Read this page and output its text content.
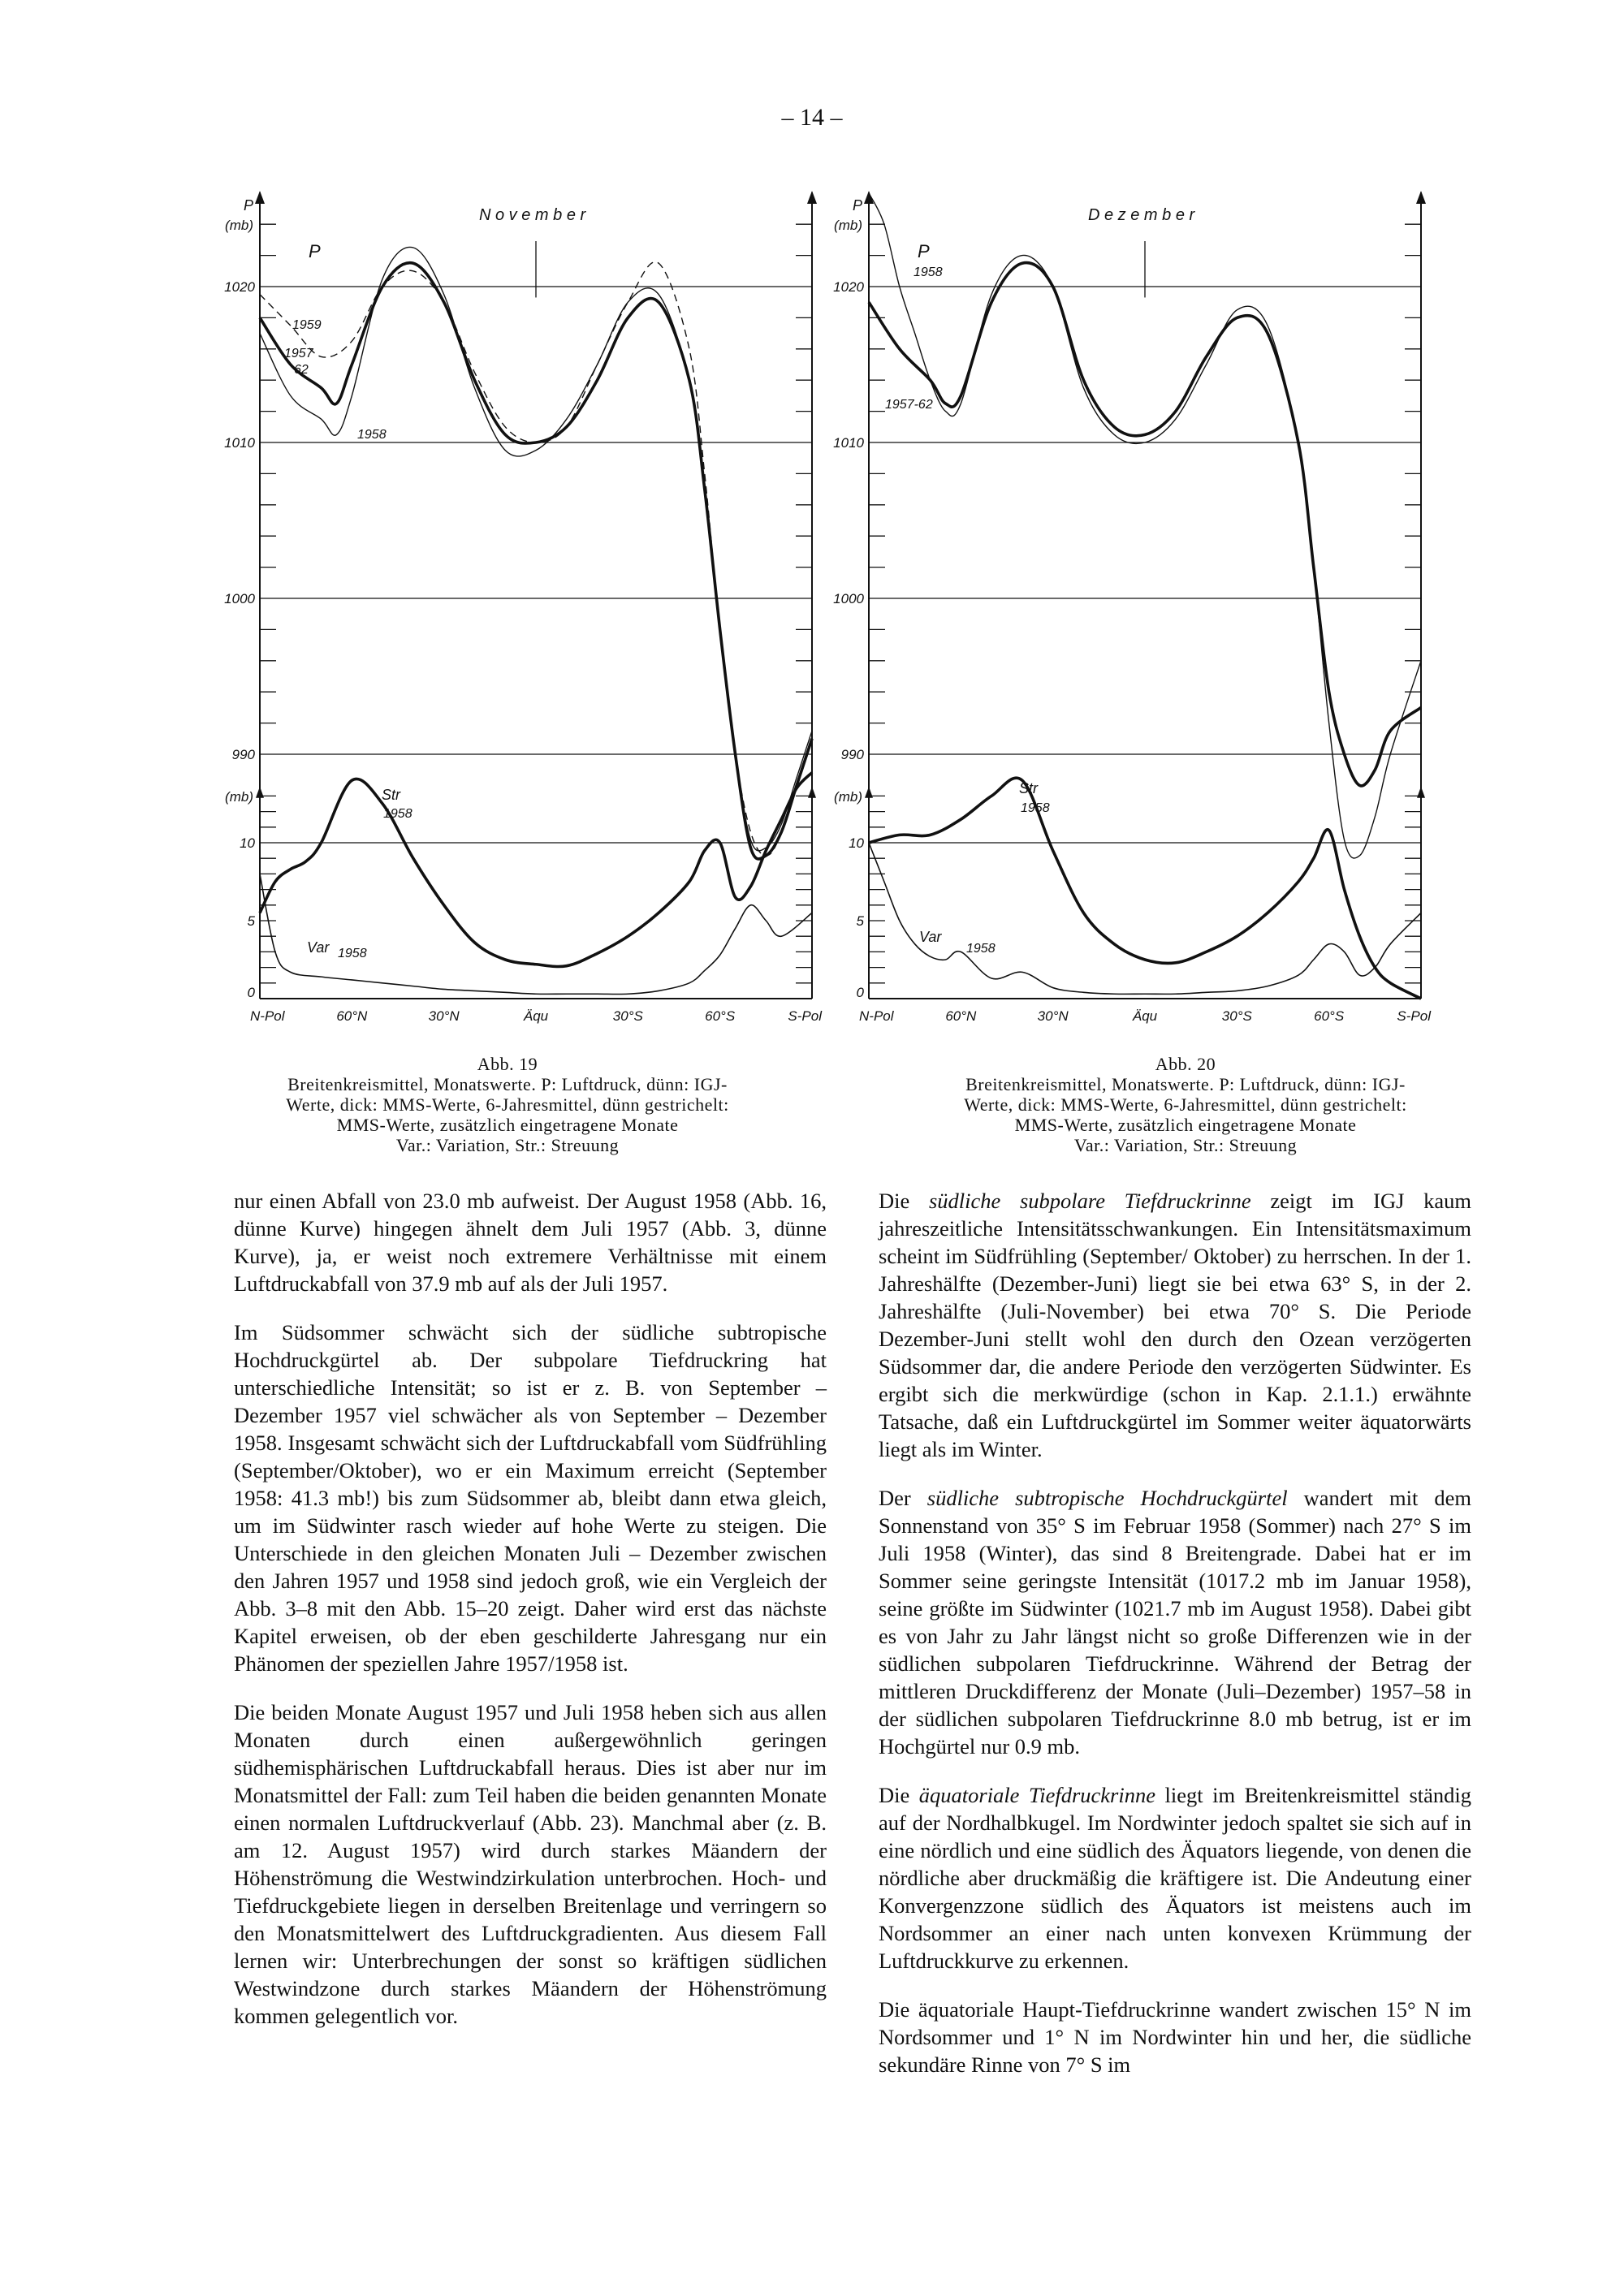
– 14 –
1020
1010
1000
990
10
5
0
P
(mb)
(mb)
N o v e m b e r
P
N-Pol	60°N	30°N	Äqu	30°S	60°S	S-Pol
1959
1957
62
1958
Str
1958
Var 1958
1020
1010
1000
990
10
5
0
P
(mb)
(mb)
D e z e m b e r
P
N-Pol	60°N	30°N	Äqu	30°S	60°S	S-Pol
1958
1957-62
Str
1958
Var
1958
Abb. 19
Breitenkreismittel, Monatswerte. P: Luftdruck, dünn: IGJ-
Werte, dick: MMS-Werte, 6-Jahresmittel, dünn gestrichelt:
MMS-Werte, zusätzlich eingetragene Monate
Var.: Variation, Str.: Streuung
Abb. 20
Breitenkreismittel, Monatswerte. P: Luftdruck, dünn: IGJ-
Werte, dick: MMS-Werte, 6-Jahresmittel, dünn gestrichelt:
MMS-Werte, zusätzlich eingetragene Monate
Var.: Variation, Str.: Streuung

nur einen Abfall von 23.0 mb aufweist. Der August 1958 (Abb. 16, dünne Kurve) hingegen ähnelt dem Juli 1957 (Abb. 3, dünne Kurve), ja, er weist noch extremere Verhältnisse mit einem Luftdruckabfall von 37.9 mb auf als der Juli 1957.

Im Südsommer schwächt sich der südliche subtropische Hochdruckgürtel ab. Der subpolare Tiefdruckring hat unterschiedliche Intensität; so ist er z. B. von September – Dezember 1957 viel schwächer als von September – Dezember 1958. Insgesamt schwächt sich der Luftdruckabfall vom Südfrühling (September/Oktober), wo er ein Maximum erreicht (September 1958: 41.3 mb!) bis zum Südsommer ab, bleibt dann etwa gleich, um im Südwinter rasch wieder auf hohe Werte zu steigen. Die Unterschiede in den gleichen Monaten Juli – Dezember zwischen den Jahren 1957 und 1958 sind jedoch groß, wie ein Vergleich der Abb. 3–8 mit den Abb. 15–20 zeigt. Daher wird erst das nächste Kapitel erweisen, ob der eben geschilderte Jahresgang nur ein Phänomen der speziellen Jahre 1957/1958 ist.

Die beiden Monate August 1957 und Juli 1958 heben sich aus allen Monaten durch einen außergewöhnlich geringen südhemisphärischen Luftdruckabfall heraus. Dies ist aber nur im Monatsmittel der Fall: zum Teil haben die beiden genannten Monate einen normalen Luftdruckverlauf (Abb. 23). Manchmal aber (z. B. am 12. August 1957) wird durch starkes Mäandern der Höhenströmung die Westwindzirkulation unterbrochen. Hoch- und Tiefdruckgebiete liegen in derselben Breitenlage und verringern so den Monatsmittelwert des Luftdruckgradienten. Aus diesem Fall lernen wir: Unterbrechungen der sonst so kräftigen südlichen Westwindzone durch starkes Mäandern der Höhenströmung kommen gelegentlich vor.

Die südliche subpolare Tiefdruckrinne zeigt im IGJ kaum jahreszeitliche Intensitätsschwankungen. Ein Intensitätsmaximum scheint im Südfrühling (September/ Oktober) zu herrschen. In der 1. Jahreshälfte (Dezember-Juni) liegt sie bei etwa 63° S, in der 2. Jahreshälfte (Juli-November) bei etwa 70° S. Die Periode Dezember-Juni stellt wohl den durch den Ozean verzögerten Südsommer dar, die andere Periode den verzögerten Südwinter. Es ergibt sich die merkwürdige (schon in Kap. 2.1.1.) erwähnte Tatsache, daß ein Luftdruckgürtel im Sommer weiter äquatorwärts liegt als im Winter.

Der südliche subtropische Hochdruckgürtel wandert mit dem Sonnenstand von 35° S im Februar 1958 (Sommer) nach 27° S im Juli 1958 (Winter), das sind 8 Breitengrade. Dabei hat er im Sommer seine geringste Intensität (1017.2 mb im Januar 1958), seine größte im Südwinter (1021.7 mb im August 1958). Dabei gibt es von Jahr zu Jahr längst nicht so große Differenzen wie in der südlichen subpolaren Tiefdruckrinne. Während der Betrag der mittleren Druckdifferenz der Monate (Juli–Dezember) 1957–58 in der südlichen subpolaren Tiefdruckrinne 8.0 mb betrug, ist er im Hochgürtel nur 0.9 mb.

Die äquatoriale Tiefdruckrinne liegt im Breitenkreismittel ständig auf der Nordhalbkugel. Im Nordwinter jedoch spaltet sie sich auf in eine nördlich und eine südlich des Äquators liegende, von denen die nördliche aber druckmäßig die kräftigere ist. Die Andeutung einer Konvergenzzone südlich des Äquators ist meistens auch im Nordsommer an einer nach unten konvexen Krümmung der Luftdruckkurve zu erkennen.

Die äquatoriale Haupt-Tiefdruckrinne wandert zwischen 15° N im Nordsommer und 1° N im Nordwinter hin und her, die südliche sekundäre Rinne von 7° S im
